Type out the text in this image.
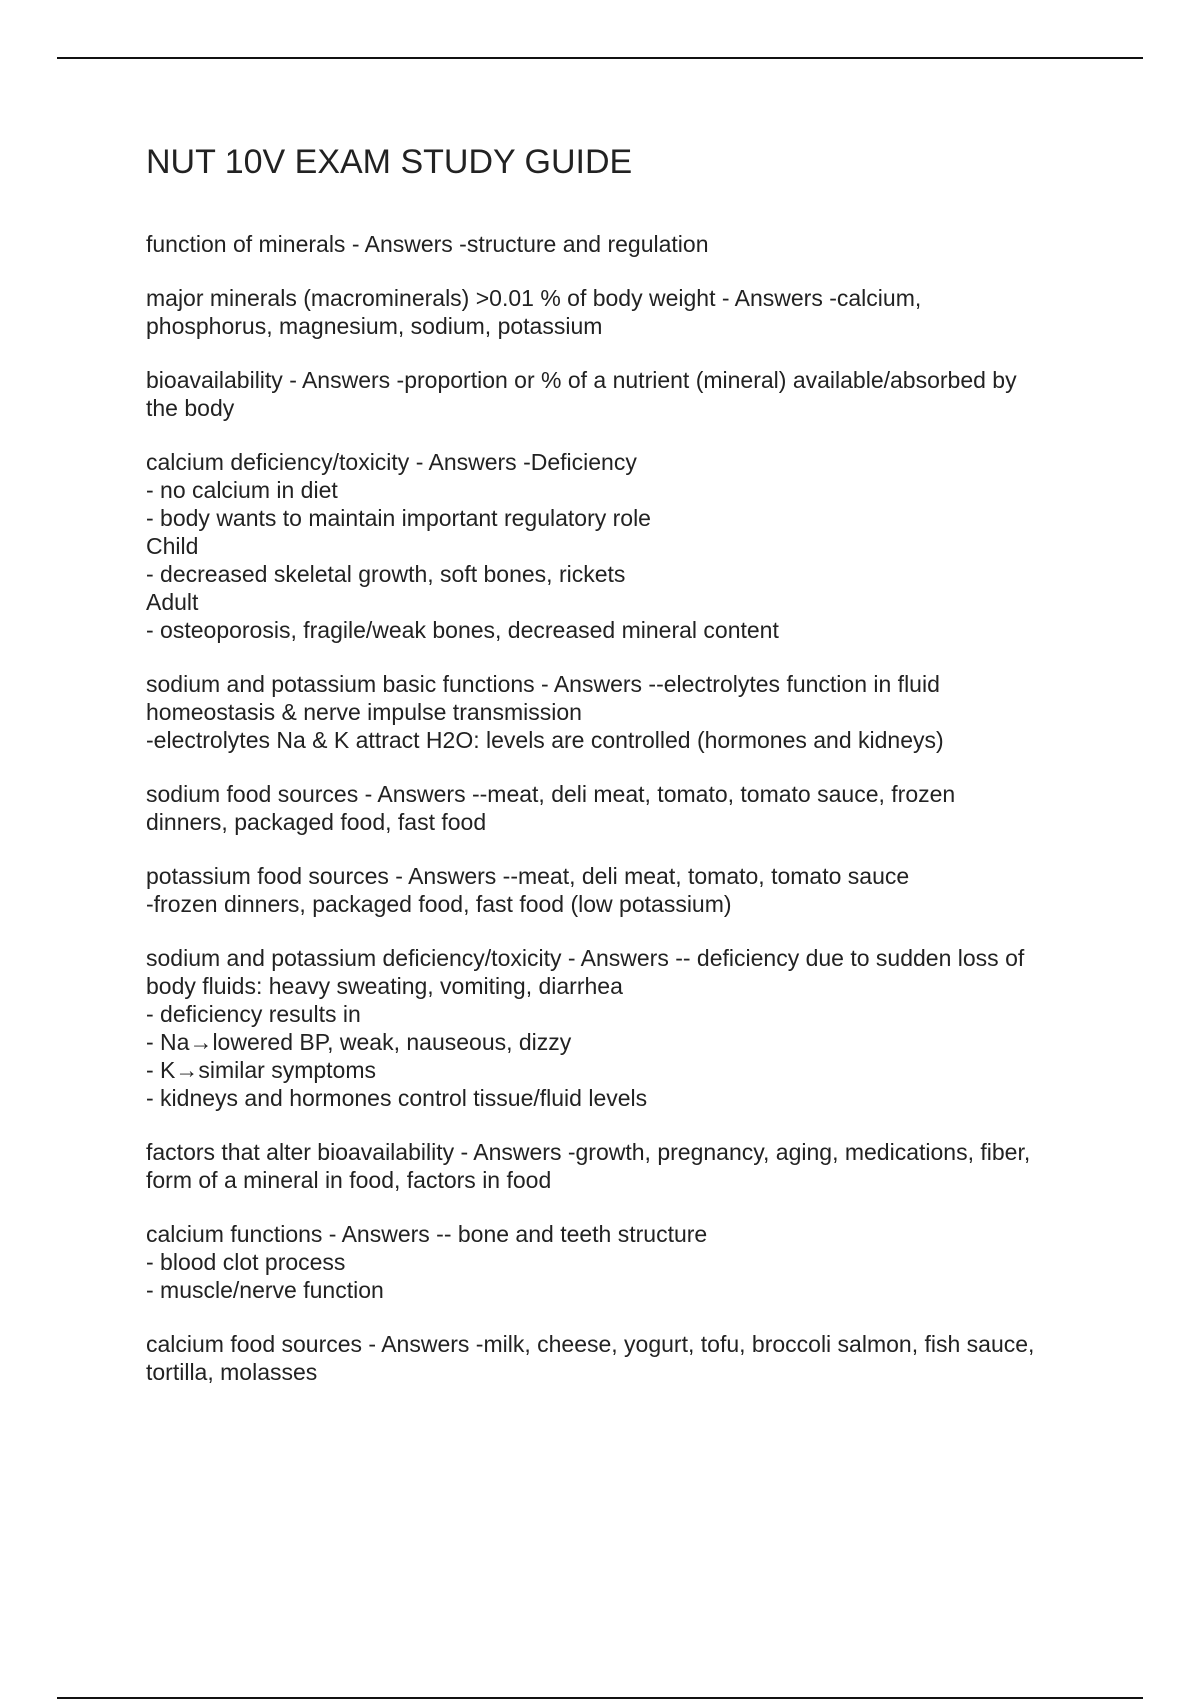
NUT 10V EXAM STUDY GUIDE

function of minerals - Answers -structure and regulation

major minerals (macrominerals) >0.01 % of body weight - Answers -calcium,

phosphorus, magnesium, sodium, potassium

bioavailability - Answers -proportion or % of a nutrient (mineral) available/absorbed by

the body

calcium deficiency/toxicity - Answers -Deficiency

- no calcium in diet

- body wants to maintain important regulatory role

Child

- decreased skeletal growth, soft bones, rickets

Adult

- osteoporosis, fragile/weak bones, decreased mineral content

sodium and potassium basic functions - Answers --electrolytes function in fluid

homeostasis & nerve impulse transmission

-electrolytes Na & K attract H2O: levels are controlled (hormones and kidneys)

sodium food sources - Answers --meat, deli meat, tomato, tomato sauce, frozen

dinners, packaged food, fast food

potassium food sources - Answers --meat, deli meat, tomato, tomato sauce

-frozen dinners, packaged food, fast food (low potassium)

sodium and potassium deficiency/toxicity - Answers -- deficiency due to sudden loss of

body fluids: heavy sweating, vomiting, diarrhea

- deficiency results in

- Na→lowered BP, weak, nauseous, dizzy

- K→similar symptoms

- kidneys and hormones control tissue/fluid levels

factors that alter bioavailability - Answers -growth, pregnancy, aging, medications, fiber,

form of a mineral in food, factors in food

calcium functions - Answers -- bone and teeth structure

- blood clot process

- muscle/nerve function

calcium food sources - Answers -milk, cheese, yogurt, tofu, broccoli salmon, fish sauce,

tortilla, molasses
